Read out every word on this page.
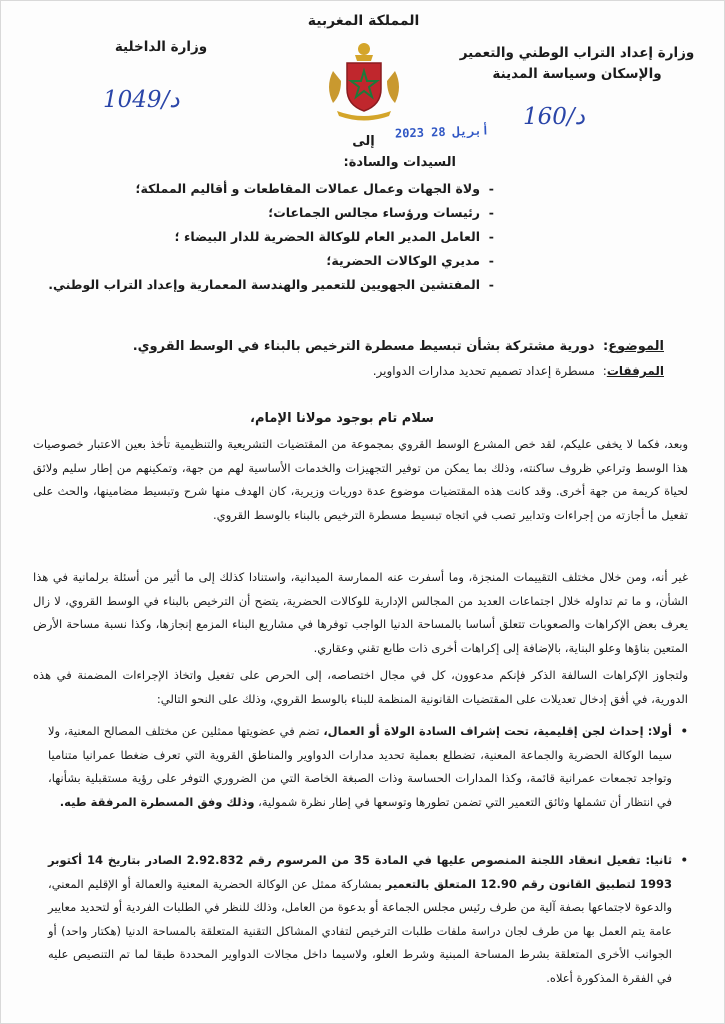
المملكة المغربية
وزارة إعداد التراب الوطني والتعمير
والإسكان وسياسة المدينة
وزارة الداخلية
د/1049
د/160
2023 أبريل 28
إلى
السيدات والسادة:
- ولاة الجهات وعمال عمالات المقاطعات و أقاليم المملكة؛
- رئيسات ورؤساء مجالس الجماعات؛
- العامل المدير العام للوكالة الحضرية للدار البيضاء ؛
- مديري الوكالات الحضرية؛
- المفتشين الجهويين للتعمير والهندسة المعمارية وإعداد التراب الوطني.
الموضوع: دورية مشتركة بشأن تبسيط مسطرة الترخيص بالبناء في الوسط القروي.
المرفقات: مسطرة إعداد تصميم تحديد مدارات الدواوير.
سلام تام بوجود مولانا الإمام،

وبعد، فكما لا يخفى عليكم، لقد خص المشرع الوسط القروي بمجموعة من المقتضيات التشريعية والتنظيمية تأخذ بعين الاعتبار خصوصيات هذا الوسط وتراعي ظروف ساكنته، وذلك بما يمكن من توفير التجهيزات والخدمات الأساسية لهم من جهة، وتمكينهم من إطار سليم ولائق لحياة كريمة من جهة أخرى. وقد كانت هذه المقتضيات موضوع عدة دوريات وزيرية، كان الهدف منها شرح وتبسيط مضامينها، والحث على تفعيل ما أجازته من إجراءات وتدابير تصب في اتجاه تبسيط مسطرة الترخيص بالبناء بالوسط القروي.

غير أنه، ومن خلال مختلف التقييمات المنجزة، وما أسفرت عنه الممارسة الميدانية، واستنادا كذلك إلى ما أثير من أسئلة برلمانية في هذا الشأن، و ما تم تداوله خلال اجتماعات العديد من المجالس الإدارية للوكالات الحضرية، يتضح أن الترخيص بالبناء في الوسط القروي، لا زال يعرف بعض الإكراهات والصعوبات تتعلق أساسا بالمساحة الدنيا الواجب توفرها في مشاريع البناء المزمع إنجازها، وكذا نسبة مساحة الأرض المتعين بناؤها وعلو البناية، بالإضافة إلى إكراهات أخرى ذات طابع تقني وعقاري.

ولتجاوز الإكراهات السالفة الذكر فإنكم مدعوون، كل في مجال اختصاصه، إلى الحرص على تفعيل واتخاذ الإجراءات المضمنة في هذه الدورية، في أفق إدخال تعديلات على المقتضيات القانونية المنظمة للبناء بالوسط القروي، وذلك على النحو التالي:

•
أولا: إحداث لجن إقليمية، تحت إشراف السادة الولاة أو العمال، تضم في عضويتها ممثلين عن مختلف المصالح المعنية، ولا سيما الوكالة الحضرية والجماعة المعنية، تضطلع بعملية تحديد مدارات الدواوير والمناطق القروية التي تعرف ضغطا عمرانيا متناميا وتواجد تجمعات عمرانية قائمة، وكذا المدارات الحساسة وذات الصبغة الخاصة التي من الضروري التوفر على رؤية مستقبلية بشأنها، في انتظار أن تشملها وثائق التعمير التي تضمن تطورها وتوسعها في إطار نظرة شمولية، وذلك وفق المسطرة المرفقة طيه.

•
ثانيا: تفعيل انعقاد اللجنة المنصوص عليها في المادة 35 من المرسوم رقم 2.92.832 الصادر بتاريخ 14 أكتوبر 1993 لتطبيق القانون رقم 12.90 المتعلق بالتعمير بمشاركة ممثل عن الوكالة الحضرية المعنية والعمالة أو الإقليم المعني، والدعوة لاجتماعها بصفة آلية من طرف رئيس مجلس الجماعة أو بدعوة من العامل، وذلك للنظر في الطلبات الفردية أو لتحديد معايير عامة يتم العمل بها من طرف لجان دراسة ملفات طلبات الترخيص لتفادي المشاكل التقنية المتعلقة بالمساحة الدنيا (هكتار واحد) أو الجوانب الأخرى المتعلقة بشرط المساحة المبنية وشرط العلو، ولاسيما داخل مجالات الدواوير المحددة طبقا لما تم التنصيص عليه في الفقرة المذكورة أعلاه.
